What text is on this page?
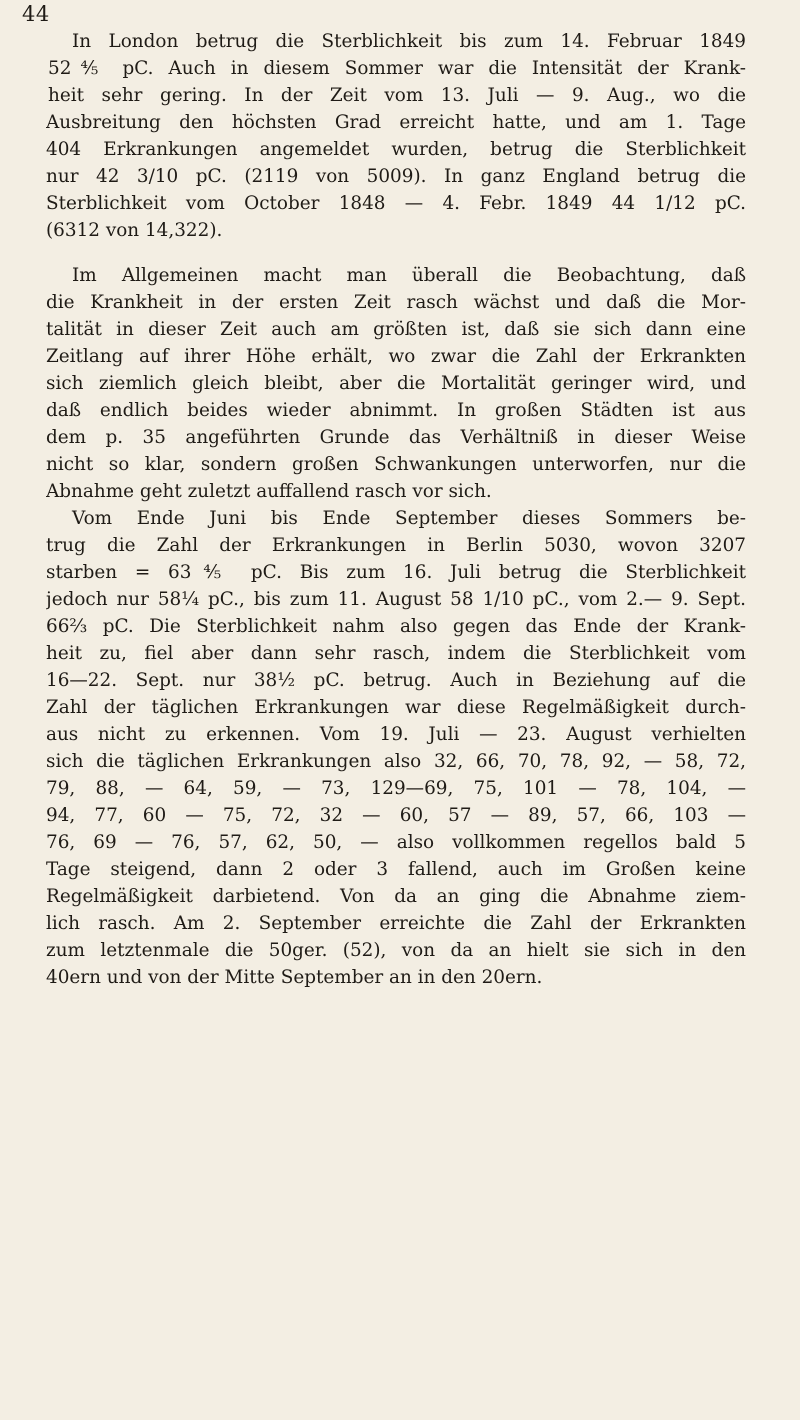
44
In London betrug die Sterblichkeit bis zum 14. Februar 1849
52⅘ pC. Auch in diesem Sommer war die Intensität der Krank-
heit sehr gering. In der Zeit vom 13. Juli — 9. Aug., wo die
Ausbreitung den höchsten Grad erreicht hatte, und am 1. Tage
404 Erkrankungen angemeldet wurden, betrug die Sterblichkeit
nur 42 3/10 pC. (2119 von 5009). In ganz England betrug die
Sterblichkeit vom October 1848 — 4. Febr. 1849 44 1/12 pC.
(6312 von 14,322).
Im Allgemeinen macht man überall die Beobachtung, daß
die Krankheit in der ersten Zeit rasch wächst und daß die Mor-
talität in dieser Zeit auch am größten ist, daß sie sich dann eine
Zeitlang auf ihrer Höhe erhält, wo zwar die Zahl der Erkrankten
sich ziemlich gleich bleibt, aber die Mortalität geringer wird, und
daß endlich beides wieder abnimmt. In großen Städten ist aus
dem p. 35 angeführten Grunde das Verhältniß in dieser Weise
nicht so klar, sondern großen Schwankungen unterworfen, nur die
Abnahme geht zuletzt auffallend rasch vor sich.
Vom Ende Juni bis Ende September dieses Sommers be-
trug die Zahl der Erkrankungen in Berlin 5030, wovon 3207
starben = 63⅘ pC. Bis zum 16. Juli betrug die Sterblichkeit
jedoch nur 58¼ pC., bis zum 11. August 58 1/10 pC., vom 2.— 9. Sept.
66⅔ pC. Die Sterblichkeit nahm also gegen das Ende der Krank-
heit zu, fiel aber dann sehr rasch, indem die Sterblichkeit vom
16—22. Sept. nur 38½ pC. betrug. Auch in Beziehung auf die
Zahl der täglichen Erkrankungen war diese Regelmäßigkeit durch-
aus nicht zu erkennen. Vom 19. Juli — 23. August verhielten
sich die täglichen Erkrankungen also 32, 66, 70, 78, 92, — 58, 72,
79, 88, — 64, 59, — 73, 129—69, 75, 101 — 78, 104, —
94, 77, 60 — 75, 72, 32 — 60, 57 — 89, 57, 66, 103 —
76, 69 — 76, 57, 62, 50, — also vollkommen regellos bald 5
Tage steigend, dann 2 oder 3 fallend, auch im Großen keine
Regelmäßigkeit darbietend. Von da an ging die Abnahme ziem-
lich rasch. Am 2. September erreichte die Zahl der Erkrankten
zum letztenmale die 50ger. (52), von da an hielt sie sich in den
40ern und von der Mitte September an in den 20ern.
